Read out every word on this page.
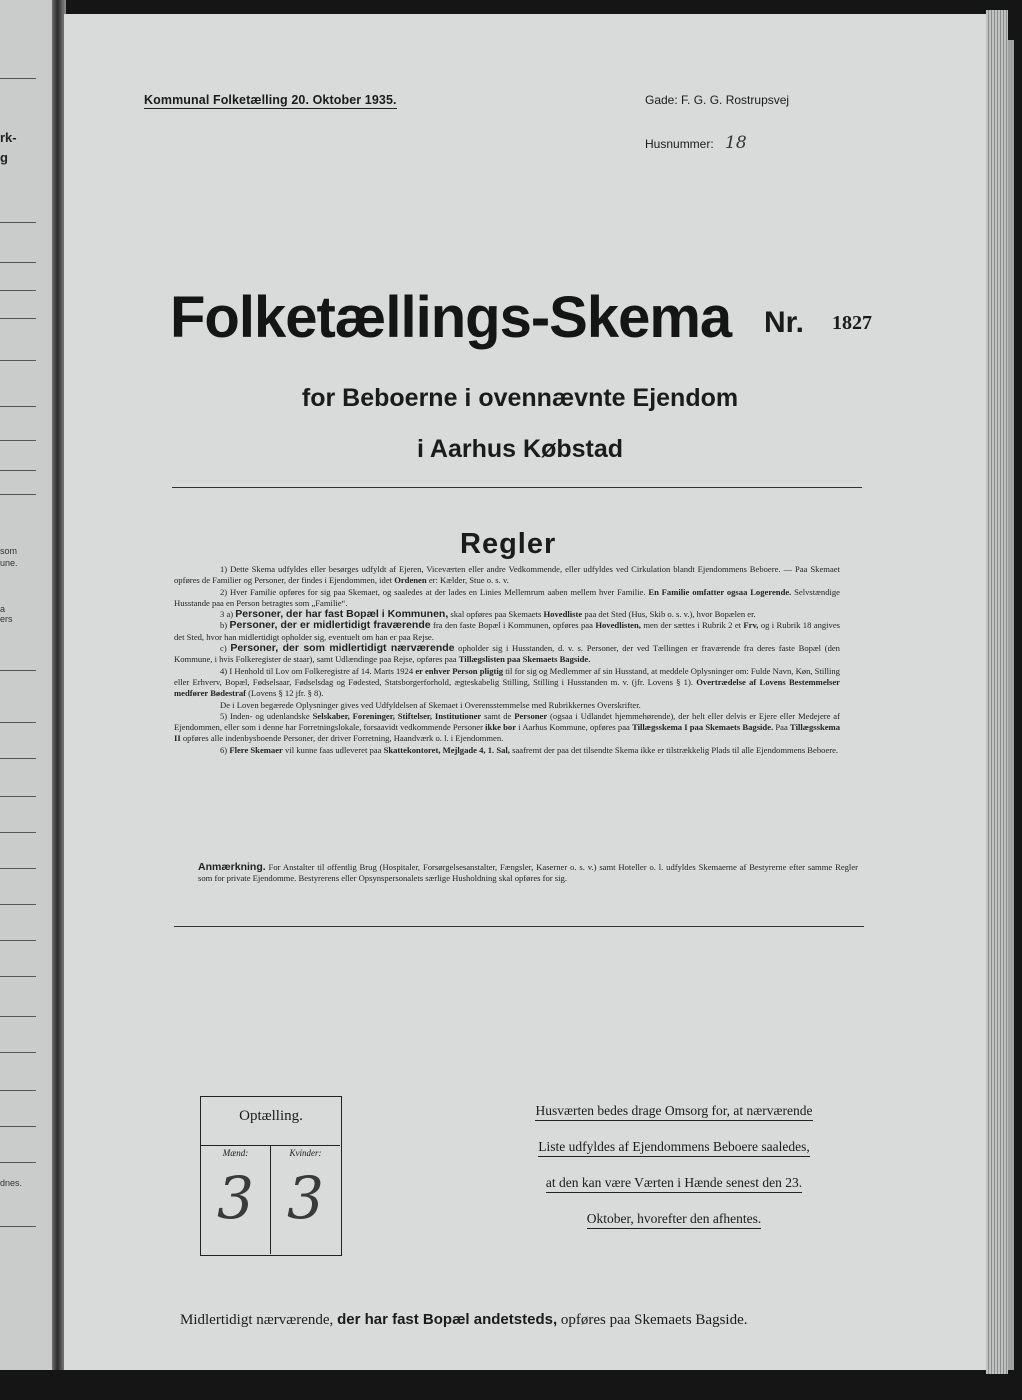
rk-
g
som
une.
a
ers
dnes.
Kommunal Folketælling 20. Oktober 1935.	Gade: F. G. G. Rostrupsvej
Husnummer: 18
Folketællings-Skema Nr. 1827
for Beboerne i ovennævnte Ejendom
i Aarhus Købstad
Regler

1) Dette Skema udfyldes eller besørges udfyldt af Ejeren, Viceværten eller andre Vedkommende, eller udfyldes ved Cirkulation blandt Ejendommens Beboere. — Paa Skemaet opføres de Familier og Personer, der findes i Ejendommen, idet Ordenen er: Kælder, Stue o. s. v.

2) Hver Familie opføres for sig paa Skemaet, og saaledes at der lades en Linies Mellemrum aaben mellem hver Familie. En Familie omfatter ogsaa Logerende. Selvstændige Husstande paa en Person betragtes som „Familie“.

3 a) Personer, der har fast Bopæl i Kommunen, skal opføres paa Skemaets Hovedliste paa det Sted (Hus, Skib o. s. v.), hvor Bopælen er.

b) Personer, der er midlertidigt fraværende fra den faste Bopæl i Kommunen, opføres paa Hovedlisten, men der sættes i Rubrik 2 et Frv, og i Rubrik 18 angives det Sted, hvor han midlertidigt opholder sig, eventuelt om han er paa Rejse.

c) Personer, der som midlertidigt nærværende opholder sig i Husstanden, d. v. s. Personer, der ved Tællingen er fraværende fra deres faste Bopæl (den Kommune, i hvis Folkeregister de staar), samt Udlændinge paa Rejse, opføres paa Tillægslisten paa Skemaets Bagside.

4) I Henhold til Lov om Folkeregistre af 14. Marts 1924 er enhver Person pligtig til for sig og Medlemmer af sin Husstand, at meddele Oplysninger om: Fulde Navn, Køn, Stilling eller Erhverv, Bopæl, Fødselsaar, Fødselsdag og Fødested, Statsborgerforhold, ægteskabelig Stilling, Stilling i Husstanden m. v. (jfr. Lovens § 1). Overtrædelse af Lovens Bestemmelser medfører Bødestraf (Lovens § 12 jfr. § 8).

De i Loven begærede Oplysninger gives ved Udfyldelsen af Skemaet i Overensstemmelse med Rubrikkernes Overskrifter.

5) Inden- og udenlandske Selskaber, Foreninger, Stiftelser, Institutioner samt de Personer (ogsaa i Udlandet hjemmehørende), der helt eller delvis er Ejere eller Medejere af Ejendommen, eller som i denne har Forretningslokale, forsaavidt vedkommende Personer ikke bor i Aarhus Kommune, opføres paa Tillægsskema I paa Skemaets Bagside. Paa Tillægsskema II opføres alle indenbysboende Personer, der driver Forretning, Haandværk o. l. i Ejendommen.

6) Flere Skemaer vil kunne faas udleveret paa Skattekontoret, Mejlgade 4, 1. Sal, saafremt der paa det tilsendte Skema ikke er tilstrækkelig Plads til alle Ejendommens Beboere.

Anmærkning. For Anstalter til offentlig Brug (Hospitaler, Forsørgelsesanstalter, Fængsler, Kaserner o. s. v.) samt Hoteller o. l. udfyldes Skemaerne af Bestyrerne efter samme Regler som for private Ejendomme. Bestyrerens eller Opsynspersonalets særlige Husholdning skal opføres for sig.
Optælling.
Mænd:
3
Kvinder:
3
Husværten bedes drage Omsorg for, at nærværende
Liste udfyldes af Ejendommens Beboere saaledes,
at den kan være Værten i Hænde senest den 23.
Oktober, hvorefter den afhentes.
Midlertidigt nærværende, der har fast Bopæl andetsteds, opføres paa Skemaets Bagside.
